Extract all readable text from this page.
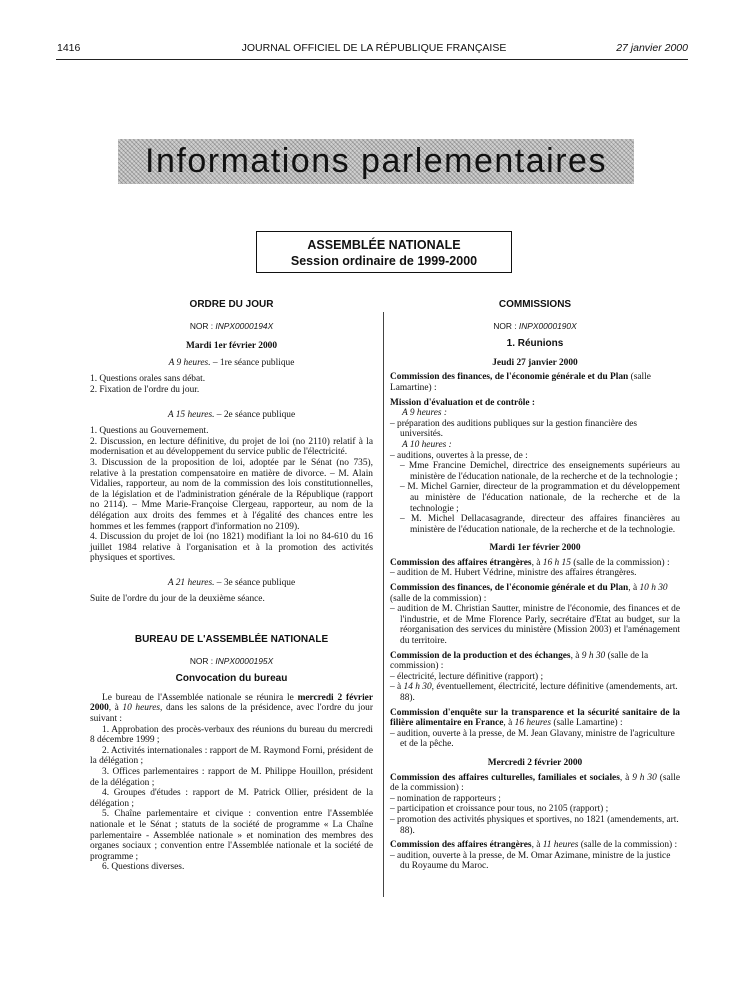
1416	JOURNAL OFFICIEL DE LA RÉPUBLIQUE FRANÇAISE	27 janvier 2000
Informations parlementaires
ASSEMBLÉE NATIONALE
Session ordinaire de 1999-2000
ORDRE DU JOUR
NOR : INPX0000194X
Mardi 1er février 2000
A 9 heures. – 1re séance publique

1. Questions orales sans débat.

2. Fixation de l'ordre du jour.

A 15 heures. – 2e séance publique

1. Questions au Gouvernement.

2. Discussion, en lecture définitive, du projet de loi (no 2110) relatif à la modernisation et au développement du service public de l'électricité.

3. Discussion de la proposition de loi, adoptée par le Sénat (no 735), relative à la prestation compensatoire en matière de divorce. – M. Alain Vidalies, rapporteur, au nom de la commission des lois constitutionnelles, de la législation et de l'administration générale de la République (rapport no 2114). – Mme Marie-Françoise Clergeau, rapporteur, au nom de la délégation aux droits des femmes et à l'égalité des chances entre les hommes et les femmes (rapport d'information no 2109).

4. Discussion du projet de loi (no 1821) modifiant la loi no 84-610 du 16 juillet 1984 relative à l'organisation et à la promotion des activités physiques et sportives.

A 21 heures. – 3e séance publique

Suite de l'ordre du jour de la deuxième séance.

BUREAU DE L'ASSEMBLÉE NATIONALE
NOR : INPX0000195X
Convocation du bureau

Le bureau de l'Assemblée nationale se réunira le mercredi 2 février 2000, à 10 heures, dans les salons de la présidence, avec l'ordre du jour suivant :

1. Approbation des procès-verbaux des réunions du bureau du mercredi 8 décembre 1999 ;

2. Activités internationales : rapport de M. Raymond Forni, président de la délégation ;

3. Offices parlementaires : rapport de M. Philippe Houillon, président de la délégation ;

4. Groupes d'études : rapport de M. Patrick Ollier, président de la délégation ;

5. Chaîne parlementaire et civique : convention entre l'Assemblée nationale et le Sénat ; statuts de la société de programme « La Chaîne parlementaire - Assemblée nationale » et nomination des membres des organes sociaux ; convention entre l'Assemblée nationale et la société de programme ;

6. Questions diverses.

COMMISSIONS
NOR : INPX0000190X
1. Réunions
Jeudi 27 janvier 2000

Commission des finances, de l'économie générale et du Plan (salle Lamartine) :

Mission d'évaluation et de contrôle :

A 9 heures :

– préparation des auditions publiques sur la gestion financière des universités.

A 10 heures :

– auditions, ouvertes à la presse, de :

– Mme Francine Demichel, directrice des enseignements supérieurs au ministère de l'éducation nationale, de la recherche et de la technologie ;

– M. Michel Garnier, directeur de la programmation et du développement au ministère de l'éducation nationale, de la recherche et de la technologie ;

– M. Michel Dellacasagrande, directeur des affaires financières au ministère de l'éducation nationale, de la recherche et de la technologie.

Mardi 1er février 2000

Commission des affaires étrangères, à 16 h 15 (salle de la commission) :

– audition de M. Hubert Védrine, ministre des affaires étrangères.

Commission des finances, de l'économie générale et du Plan, à 10 h 30 (salle de la commission) :

– audition de M. Christian Sautter, ministre de l'économie, des finances et de l'industrie, et de Mme Florence Parly, secrétaire d'Etat au budget, sur la réorganisation des services du ministère (Mission 2003) et l'aménagement du territoire.

Commission de la production et des échanges, à 9 h 30 (salle de la commission) :

– électricité, lecture définitive (rapport) ;

– à 14 h 30, éventuellement, électricité, lecture définitive (amendements, art. 88).

Commission d'enquête sur la transparence et la sécurité sanitaire de la filière alimentaire en France, à 16 heures (salle Lamartine) :

– audition, ouverte à la presse, de M. Jean Glavany, ministre de l'agriculture et de la pêche.

Mercredi 2 février 2000

Commission des affaires culturelles, familiales et sociales, à 9 h 30 (salle de la commission) :

– nomination de rapporteurs ;

– participation et croissance pour tous, no 2105 (rapport) ;

– promotion des activités physiques et sportives, no 1821 (amendements, art. 88).

Commission des affaires étrangères, à 11 heures (salle de la commission) :

– audition, ouverte à la presse, de M. Omar Azimane, ministre de la justice du Royaume du Maroc.
